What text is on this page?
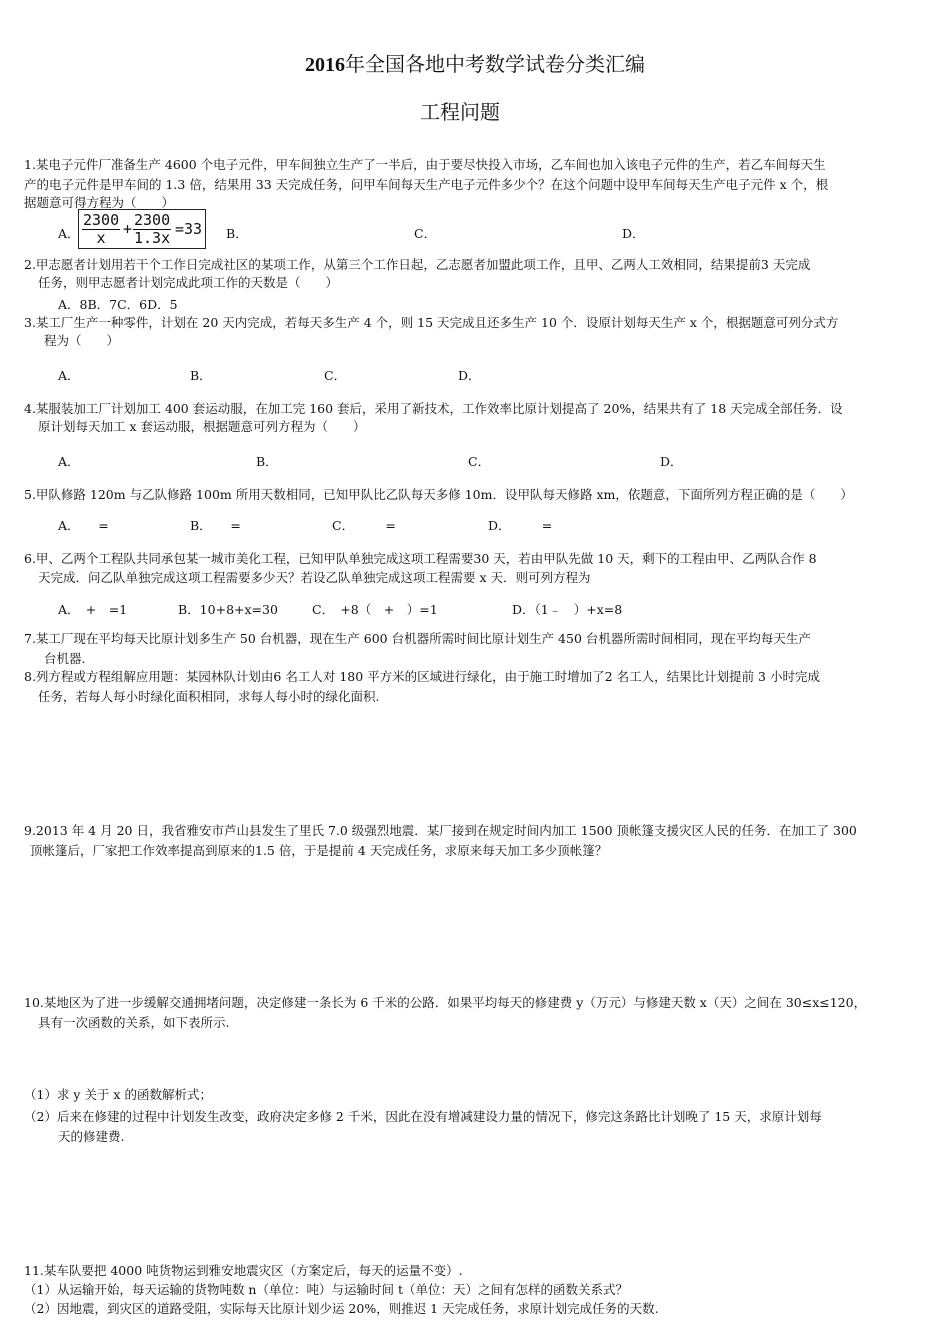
2016年全国各地中考数学试卷分类汇编
工程问题
1.某电子元件厂准备生产 4600 个电子元件，甲车间独立生产了一半后，由于要尽快投入市场，乙车间也加入该电子元件的生产，若乙车间每天生
产的电子元件是甲车间的 1.3 倍，结果用 33 天完成任务，问甲车间每天生产电子元件多少个？在这个问题中设甲车间每天生产电子元件 x 个，根
据题意可得方程为（　　）
A． $\frac{2300}{x} + \frac{2300}{1.3x} =33$ B．	C．	D．
2.甲志愿者计划用若干个工作日完成社区的某项工作，从第三个工作日起，乙志愿者加盟此项工作，且甲、乙两人工效相同，结果提前3 天完成
任务，则甲志愿者计划完成此项工作的天数是（　　）
A．8B．7C．6D．5
3.某工厂生产一种零件，计划在 20 天内完成，若每天多生产 4 个，则 15 天完成且还多生产 10 个．设原计划每天生产 x 个，根据题意可列分式方
程为（　　）
A．	B．	C．	D．
4.某服装加工厂计划加工 400 套运动服，在加工完 160 套后，采用了新技术，工作效率比原计划提高了 20%，结果共有了 18 天完成全部任务．设
原计划每天加工 x 套运动服，根据题意可列方程为（　　）
A．	B．	C．	D．
5.甲队修路 120m 与乙队修路 100m 所用天数相同，已知甲队比乙队每天多修 10m．设甲队每天修路 xm，依题意，下面所列方程正确的是（　　）
A．　　=	B．　　=	C．　　　=	D．　　　=
6.甲、乙两个工程队共同承包某一城市美化工程，已知甲队单独完成这项工程需要30 天，若由甲队先做 10 天，剩下的工程由甲、乙两队合作 8
天完成．问乙队单独完成这项工程需要多少天？若设乙队单独完成这项工程需要 x 天．则可列方程为
A．　+　=1	B．10+8+x=30	C．　+8（　+　）=1	D．（1﹣　）+x=8
7.某工厂现在平均每天比原计划多生产 50 台机器，现在生产 600 台机器所需时间比原计划生产 450 台机器所需时间相同，现在平均每天生产
台机器.
8.列方程或方程组解应用题：某园林队计划由6 名工人对 180 平方米的区域进行绿化，由于施工时增加了2 名工人，结果比计划提前 3 小时完成
任务，若每人每小时绿化面积相同，求每人每小时的绿化面积.
9.2013 年 4 月 20 日，我省雅安市芦山县发生了里氏 7.0 级强烈地震．某厂接到在规定时间内加工 1500 顶帐篷支援灾区人民的任务．在加工了 300
顶帐篷后，厂家把工作效率提高到原来的1.5 倍，于是提前 4 天完成任务，求原来每天加工多少顶帐篷？
10.某地区为了进一步缓解交通拥堵问题，决定修建一条长为 6 千米的公路．如果平均每天的修建费 y（万元）与修建天数 x（天）之间在 30≤x≤120，
具有一次函数的关系，如下表所示.
（1）求 y 关于 x 的函数解析式；
（2）后来在修建的过程中计划发生改变，政府决定多修 2 千米，因此在没有增减建设力量的情况下，修完这条路比计划晚了 15 天，求原计划每
天的修建费.
11.某车队要把 4000 吨货物运到雅安地震灾区（方案定后，每天的运量不变）.
（1）从运输开始，每天运输的货物吨数 n（单位：吨）与运输时间 t（单位：天）之间有怎样的函数关系式？
（2）因地震，到灾区的道路受阻，实际每天比原计划少运 20%，则推迟 1 天完成任务，求原计划完成任务的天数.
